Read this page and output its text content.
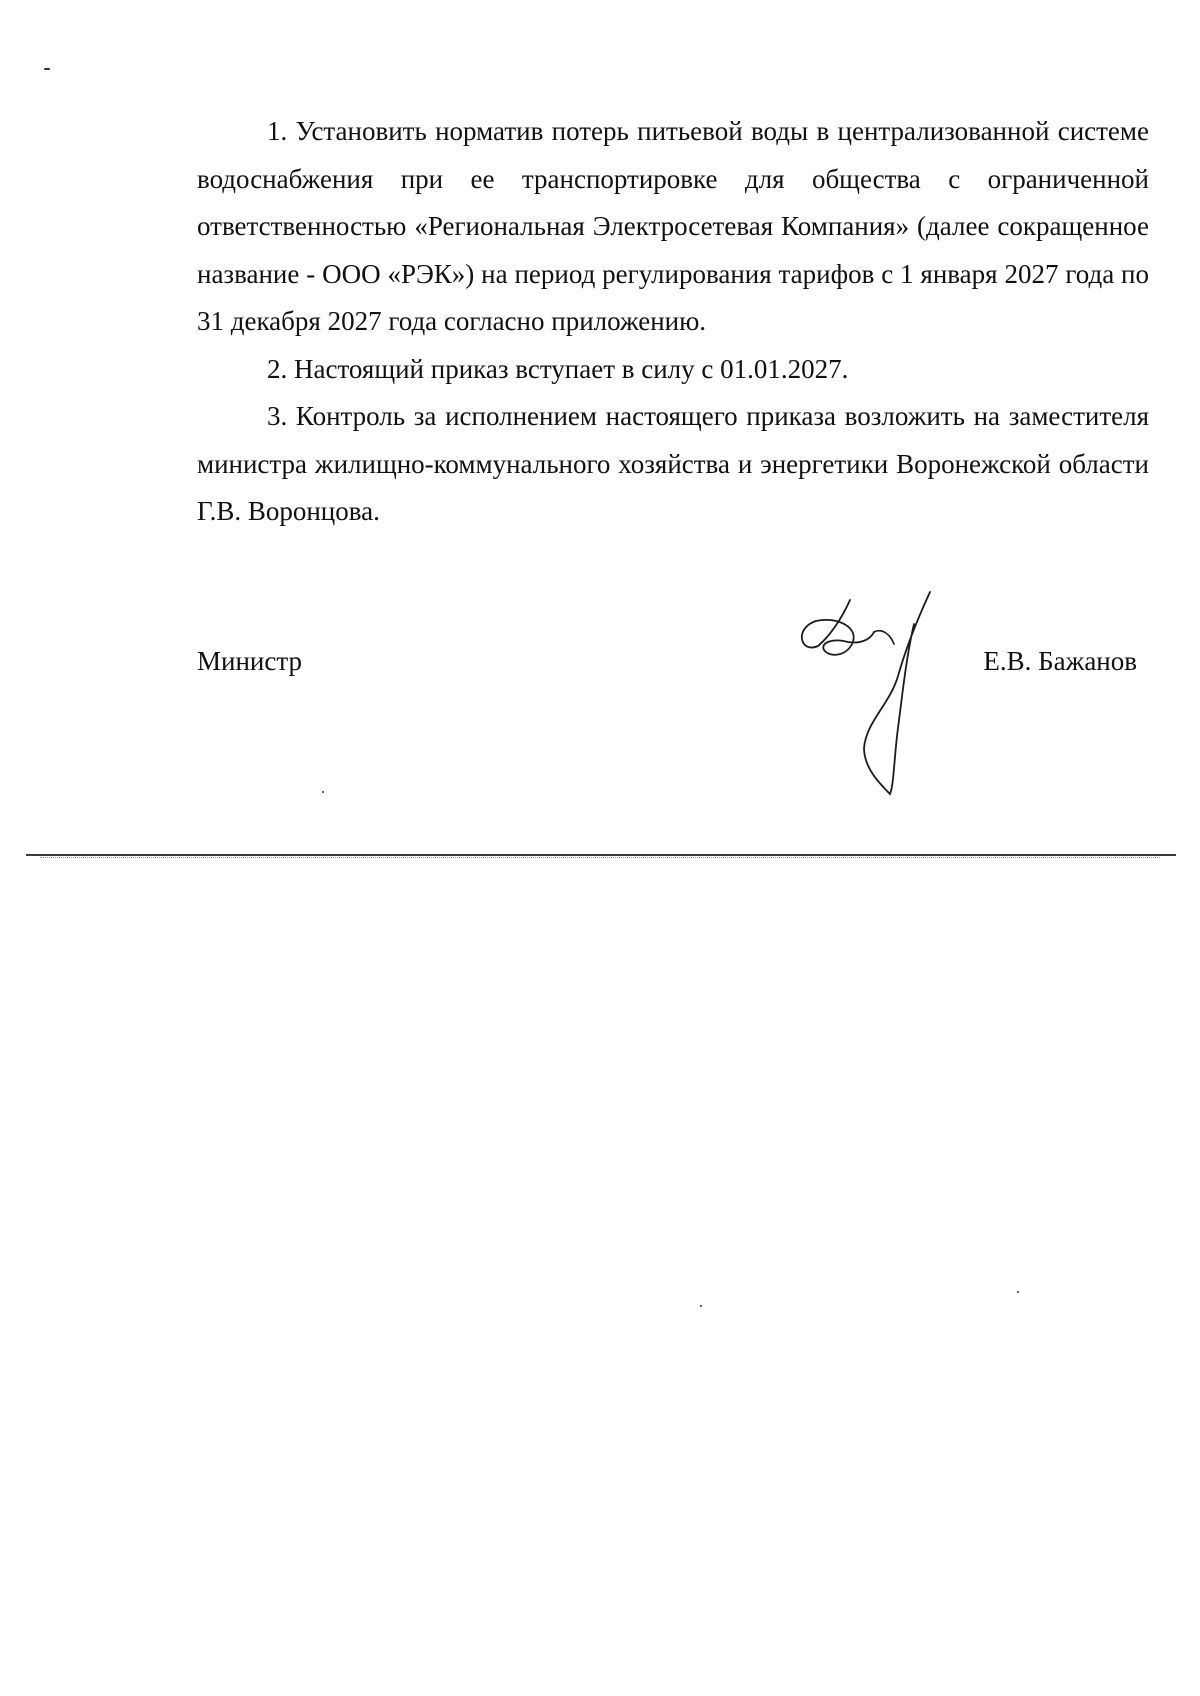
1. Установить норматив потерь питьевой воды в централизованной системе водоснабжения при ее транспортировке для общества с ограниченной ответственностью «Региональная Электросетевая Компания» (далее сокращенное название - ООО «РЭК») на период регулирования тарифов с 1 января 2027 года по 31 декабря 2027 года согласно приложению.

2. Настоящий приказ вступает в силу с 01.01.2027.

3. Контроль за исполнением настоящего приказа возложить на заместителя министра жилищно-коммунального хозяйства и энергетики Воронежской области Г.В. Воронцова.

Министр	Е.В. Бажанов
